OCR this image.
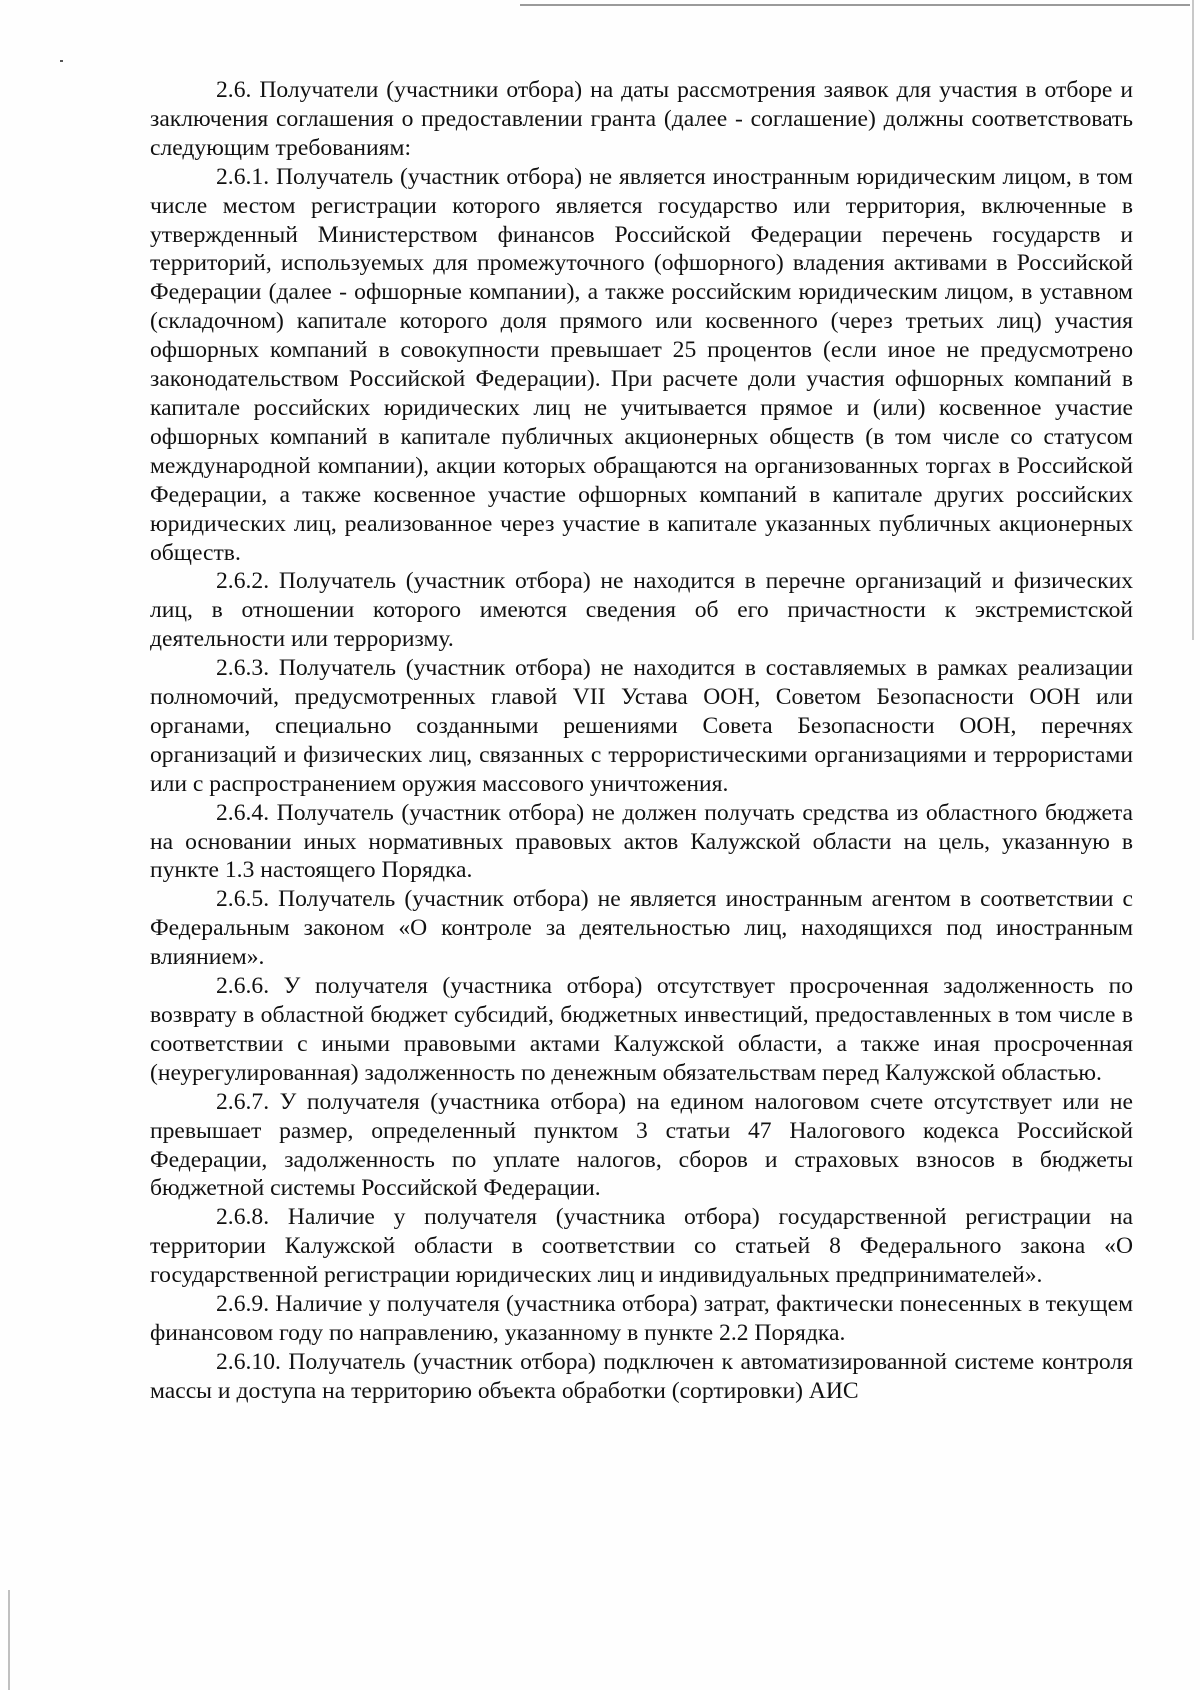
2.6. Получатели (участники отбора) на даты рассмотрения заявок для участия в отборе и заключения соглашения о предоставлении гранта (далее - соглашение) должны соответствовать следующим требованиям:

2.6.1. Получатель (участник отбора) не является иностранным юридическим лицом, в том числе местом регистрации которого является государство или территория, включенные в утвержденный Министерством финансов Российской Федерации перечень государств и территорий, используемых для промежуточного (офшорного) владения активами в Российской Федерации (далее - офшорные компании), а также российским юридическим лицом, в уставном (складочном) капитале которого доля прямого или косвенного (через третьих лиц) участия офшорных компаний в совокупности превышает 25 процентов (если иное не предусмотрено законодательством Российской Федерации). При расчете доли участия офшорных компаний в капитале российских юридических лиц не учитывается прямое и (или) косвенное участие офшорных компаний в капитале публичных акционерных обществ (в том числе со статусом международной компании), акции которых обращаются на организованных торгах в Российской Федерации, а также косвенное участие офшорных компаний в капитале других российских юридических лиц, реализованное через участие в капитале указанных публичных акционерных обществ.

2.6.2. Получатель (участник отбора) не находится в перечне организаций и физических лиц, в отношении которого имеются сведения об его причастности к экстремистской деятельности или терроризму.

2.6.3. Получатель (участник отбора) не находится в составляемых в рамках реализации полномочий, предусмотренных главой VII Устава ООН, Советом Безопасности ООН или органами, специально созданными решениями Совета Безопасности ООН, перечнях организаций и физических лиц, связанных с террористическими организациями и террористами или с распространением оружия массового уничтожения.

2.6.4. Получатель (участник отбора) не должен получать средства из областного бюджета на основании иных нормативных правовых актов Калужской области на цель, указанную в пункте 1.3 настоящего Порядка.

2.6.5. Получатель (участник отбора) не является иностранным агентом в соответствии с Федеральным законом «О контроле за деятельностью лиц, находящихся под иностранным влиянием».

2.6.6. У получателя (участника отбора) отсутствует просроченная задолженность по возврату в областной бюджет субсидий, бюджетных инвестиций, предоставленных в том числе в соответствии с иными правовыми актами Калужской области, а также иная просроченная (неурегулированная) задолженность по денежным обязательствам перед Калужской областью.

2.6.7. У получателя (участника отбора) на едином налоговом счете отсутствует или не превышает размер, определенный пунктом 3 статьи 47 Налогового кодекса Российской Федерации, задолженность по уплате налогов, сборов и страховых взносов в бюджеты бюджетной системы Российской Федерации.

2.6.8. Наличие у получателя (участника отбора) государственной регистрации на территории Калужской области в соответствии со статьей 8 Федерального закона «О государственной регистрации юридических лиц и индивидуальных предпринимателей».

2.6.9. Наличие у получателя (участника отбора) затрат, фактически понесенных в текущем финансовом году по направлению, указанному в пункте 2.2 Порядка.

2.6.10. Получатель (участник отбора) подключен к автоматизированной системе контроля массы и доступа на территорию объекта обработки (сортировки) АИС
